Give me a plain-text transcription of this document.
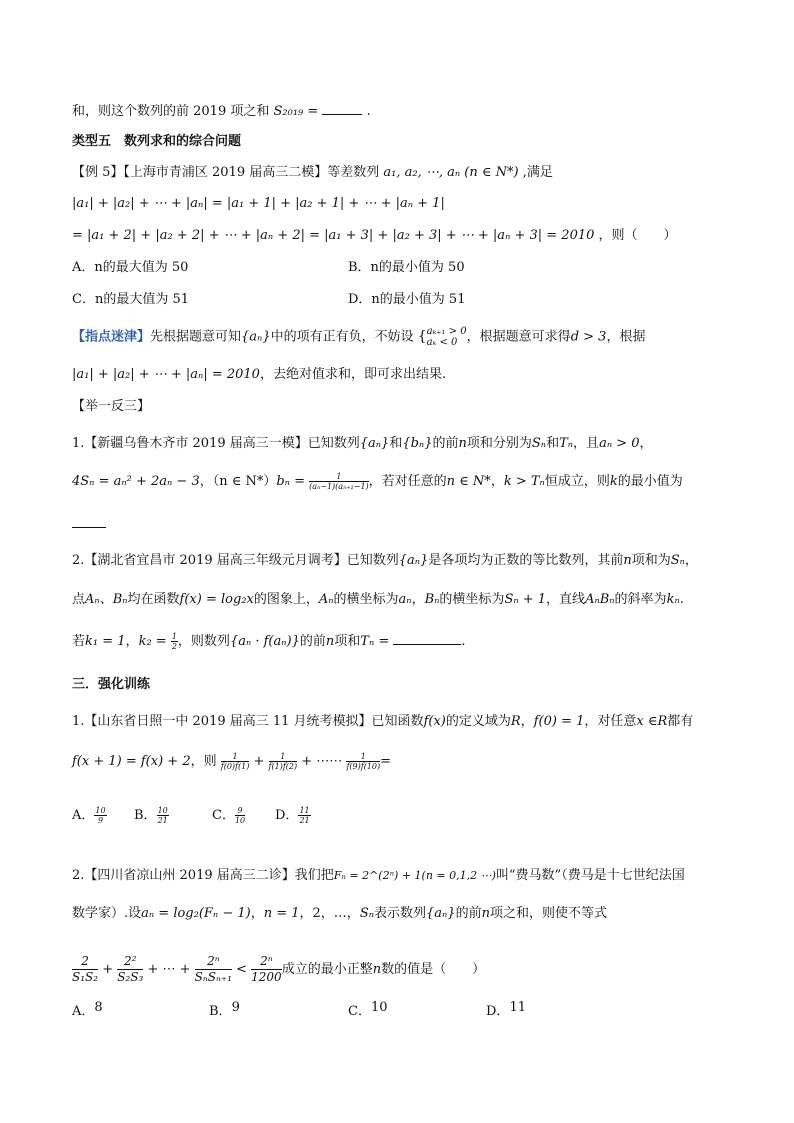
和，则这个数列的前 2019 项之和 S₂₀₁₉ =	.
类型五　数列求和的综合问题
【例 5】【上海市青浦区 2019 届高三二模】等差数列 a₁, a₂, ⋯, aₙ (n ∈ N*) ,满足
|a₁| + |a₂| + ⋯ + |aₙ| = |a₁ + 1| + |a₂ + 1| + ⋯ + |aₙ + 1|
= |a₁ + 2| + |a₂ + 2| + ⋯ + |aₙ + 2| = |a₁ + 3| + |a₂ + 3| + ⋯ + |aₙ + 3| = 2010 ，则（　　）
A．n的最大值为 50	B．n的最小值为 50
C．n的最大值为 51	D．n的最小值为 51
【指点迷津】先根据题意可知{aₙ}中的项有正有负，不妨设 { aₖ₊₁ > 0
aₖ < 0 ，根据题意可求得d > 3，根据
|a₁| + |a₂| + ⋯ + |aₙ| = 2010，去绝对值求和，即可求出结果.
【举一反三】
1.【新疆乌鲁木齐市 2019 届高三一模】已知数列{aₙ}和{bₙ}的前n项和分别为Sₙ和Tₙ，且aₙ > 0，
4Sₙ = aₙ² + 2aₙ − 3，（n ∈ $N*)b_n = \frac{1}{\text{(aₙ−1)(aₙ₊₁−1)}}$ ，若对任意的n ∈ N*，k > Tₙ恒成立，则k的最小值为
2.【湖北省宜昌市 2019 届高三年级元月调考】已知数列{aₙ}是各项均为正数的等比数列，其前n项和为Sₙ，
点Aₙ、Bₙ均在函数f(x) = log₂x的图象上，Aₙ的横坐标为aₙ，Bₙ的横坐标为Sₙ + 1，直线AₙBₙ的斜率为kₙ.
若k₁ = 1，$k_2 = \frac{1}{2}$ ，则数列{aₙ · f(aₙ)}的前n项和Tₙ =	.
三．强化训练
1.【山东省日照一中 2019 届高三 11 月统考模拟】已知函数f(x)的定义域为R，f(0) = 1，对任意x ∈R都有
f(x + 1) = f(x) + 2，则 $\frac{1}{f(0)f(1)} + \frac{1}{f(1)f(2)}$ + ⋯⋯ $\frac{1}{f(9)f(10)}$ =
A． $\frac{10}{9}$ B． $\frac{10}{21}$	C． $\frac{9}{10}$ D． $\frac{11}{21}$
2.【四川省凉山州 2019 届高三二诊】我们把Fₙ = 2^(2ⁿ) + 1(n = 0,1,2 ⋯)叫“费马数”（费马是十七世纪法国
数学家）.设aₙ = log₂(Fₙ − 1)，n = 1，2，…，Sₙ表示数列{aₙ}的前n项之和，则使不等式
$\frac{2}{\text{S₁S₂}} + \frac{\text{2²}}{\text{S₂S₃}}$ + ⋯ +
2ⁿ
$S_nS_{n+1} < \frac{\text{2ⁿ}}{1200}$ 成立的最小正整n数的值是（　　）
A．8	B．9	C．10	D．11
